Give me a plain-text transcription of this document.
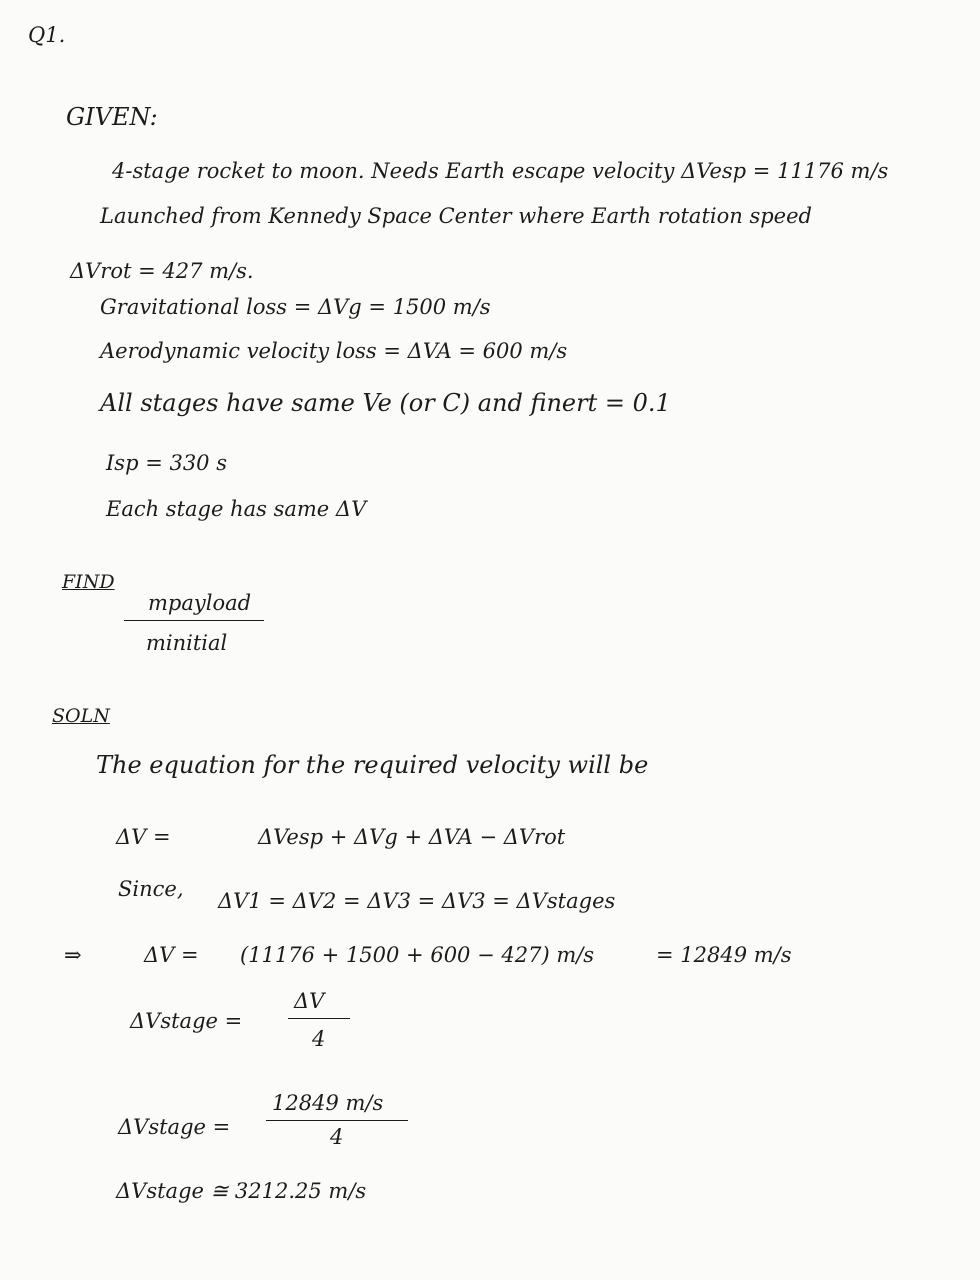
Q1.
GIVEN:
4-stage rocket to moon. Needs Earth escape velocity ΔVesp = 11176 m/s
Launched from Kennedy Space Center where Earth rotation speed
ΔVrot = 427 m/s.
Gravitational loss = ΔVg = 1500 m/s
Aerodynamic velocity loss = ΔVA = 600 m/s
All stages have same Ve (or C) and finert = 0.1
Isp = 330 s
Each stage has same ΔV
FIND
mpayload
minitial
SOLN
The equation for the required velocity will be
ΔV =	ΔVesp + ΔVg + ΔVA − ΔVrot
Since, ΔV1 = ΔV2 = ΔV3 = ΔV3 = ΔVstages
⇒	ΔV = (11176 + 1500 + 600 − 427) m/s	= 12849 m/s
ΔVstage =
ΔV
4
ΔVstage =
12849 m/s
4
ΔVstage ≅ 3212.25 m/s
